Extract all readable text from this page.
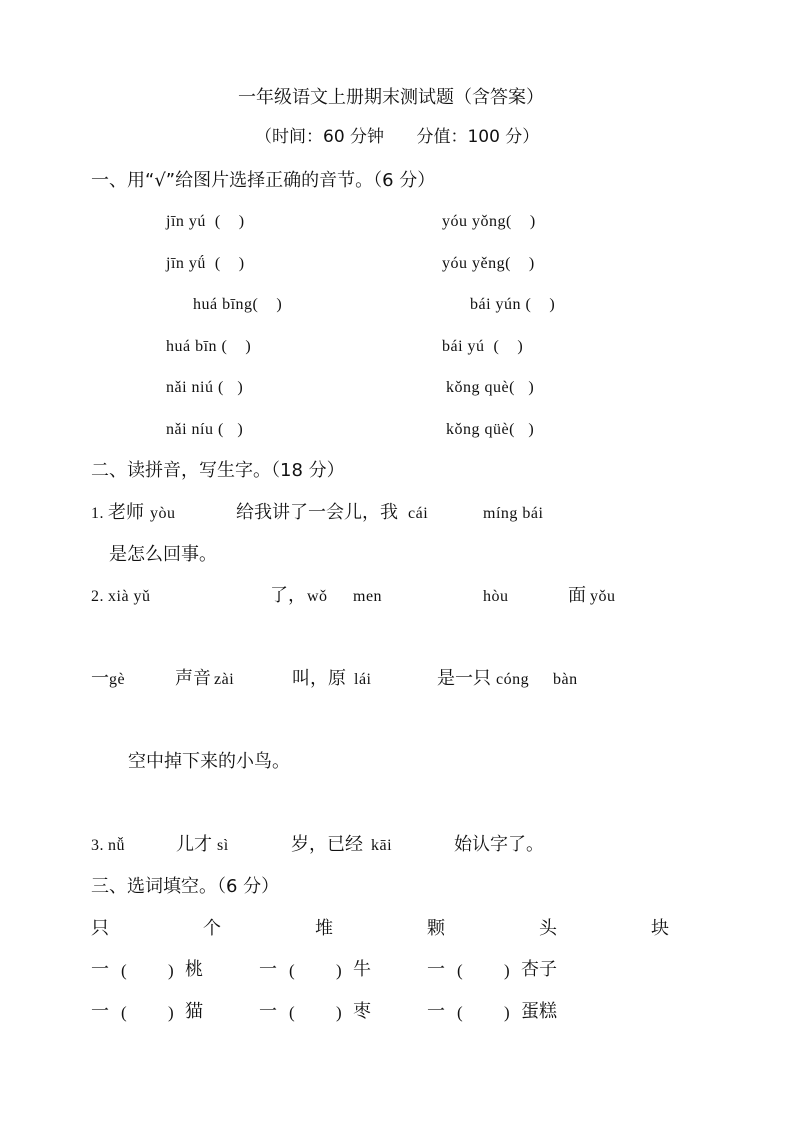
一年级语文上册期末测试题（含答案）
（时间：60 分钟      分值：100 分）
一、用“√”给图片选择正确的音节。（6 分）
jīn yú  (    )	yóu yǒng(    )
jīn yǘ  (    )	yóu yěng(    )
huá bīng(    )	bái yún (    )
huá bīn (    )	bái yú  (    )
nǎi niú (   )	kǒng què(   )
nǎi níu (   )	kǒng qüè(   )
二、读拼音，写生字。（18 分）
1. 老师 yòu	给我讲了一会儿，我 cái	míng bái
是怎么回事。
2. xià yǔ	了， wǒ men	hòu	面 yǒu
一 gè	声音 zài	叫，原 lái	是一只 cóng bàn
空中掉下来的小鸟。
3. nǚ	儿才 sì	岁，已经 kāi	始认字了。
三、选词填空。（6 分）
只	个	堆	颗	头	块
一 ( ) 桃	一 ( ) 牛	一 ( ) 杏子
一 ( ) 猫	一 ( ) 枣	一 ( ) 蛋糕
